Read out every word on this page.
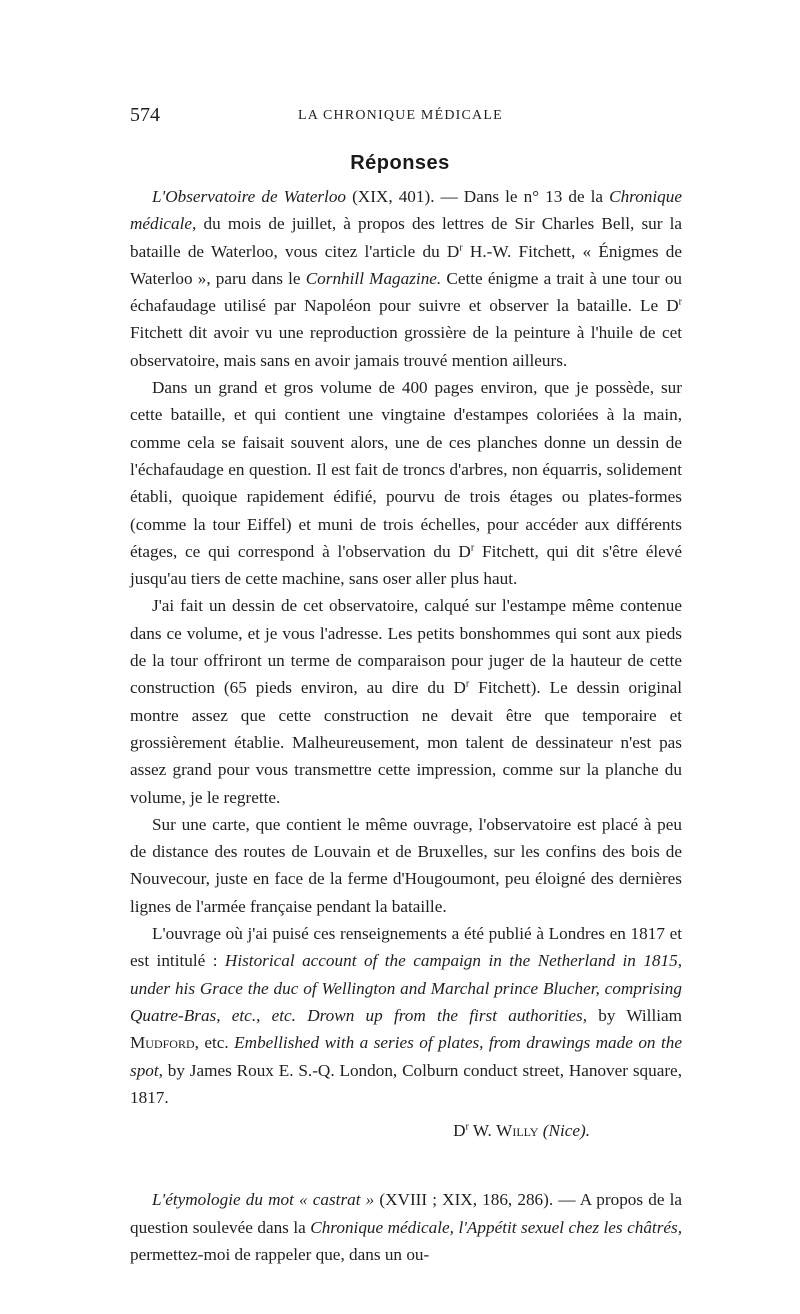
574	LA CHRONIQUE MÉDICALE
Réponses

L'Observatoire de Waterloo (XIX, 401). — Dans le n° 13 de la Chronique médicale, du mois de juillet, à propos des lettres de Sir Charles Bell, sur la bataille de Waterloo, vous citez l'article du $D^r$ H.-W. Fitchett, « Énigmes de Waterloo », paru dans le Cornhill Magazine. Cette énigme a trait à une tour ou échafaudage utilisé par Napoléon pour suivre et observer la bataille. Le $D^r$ Fitchett dit avoir vu une reproduction grossière de la peinture à l'huile de cet observatoire, mais sans en avoir jamais trouvé mention ailleurs.

Dans un grand et gros volume de 400 pages environ, que je possède, sur cette bataille, et qui contient une vingtaine d'estampes coloriées à la main, comme cela se faisait souvent alors, une de ces planches donne un dessin de l'échafaudage en question. Il est fait de troncs d'arbres, non équarris, solidement établi, quoique rapidement édifié, pourvu de trois étages ou plates-formes (comme la tour Eiffel) et muni de trois échelles, pour accéder aux différents étages, ce qui correspond à l'observation du $D^r$ Fitchett, qui dit s'être élevé jusqu'au tiers de cette machine, sans oser aller plus haut.

J'ai fait un dessin de cet observatoire, calqué sur l'estampe même contenue dans ce volume, et je vous l'adresse. Les petits bonshommes qui sont aux pieds de la tour offriront un terme de comparaison pour juger de la hauteur de cette construction (65 pieds environ, au dire du $D^r$ Fitchett). Le dessin original montre assez que cette construction ne devait être que temporaire et grossièrement établie. Malheureusement, mon talent de dessinateur n'est pas assez grand pour vous transmettre cette impression, comme sur la planche du volume, je le regrette.

Sur une carte, que contient le même ouvrage, l'observatoire est placé à peu de distance des routes de Louvain et de Bruxelles, sur les confins des bois de Nouvecour, juste en face de la ferme d'Hougoumont, peu éloigné des dernières lignes de l'armée française pendant la bataille.

L'ouvrage où j'ai puisé ces renseignements a été publié à Londres en 1817 et est intitulé : Historical account of the campaign in the Netherland in 1815, under his Grace the duc of Wellington and Marchal prince Blucher, comprising Quatre-Bras, etc., etc. Drown up from the first authorities, by William Mudford, etc. Embellished with a series of plates, from drawings made on the spot, by James Roux E. S.-Q. London, Colburn conduct street, Hanover square, 1817.

$D^r$ W. Willy (Nice).

L'étymologie du mot « castrat » (XVIII ; XIX, 186, 286). — A propos de la question soulevée dans la Chronique médicale, l'Appétit sexuel chez les châtrés, permettez-moi de rappeler que, dans un ou-
